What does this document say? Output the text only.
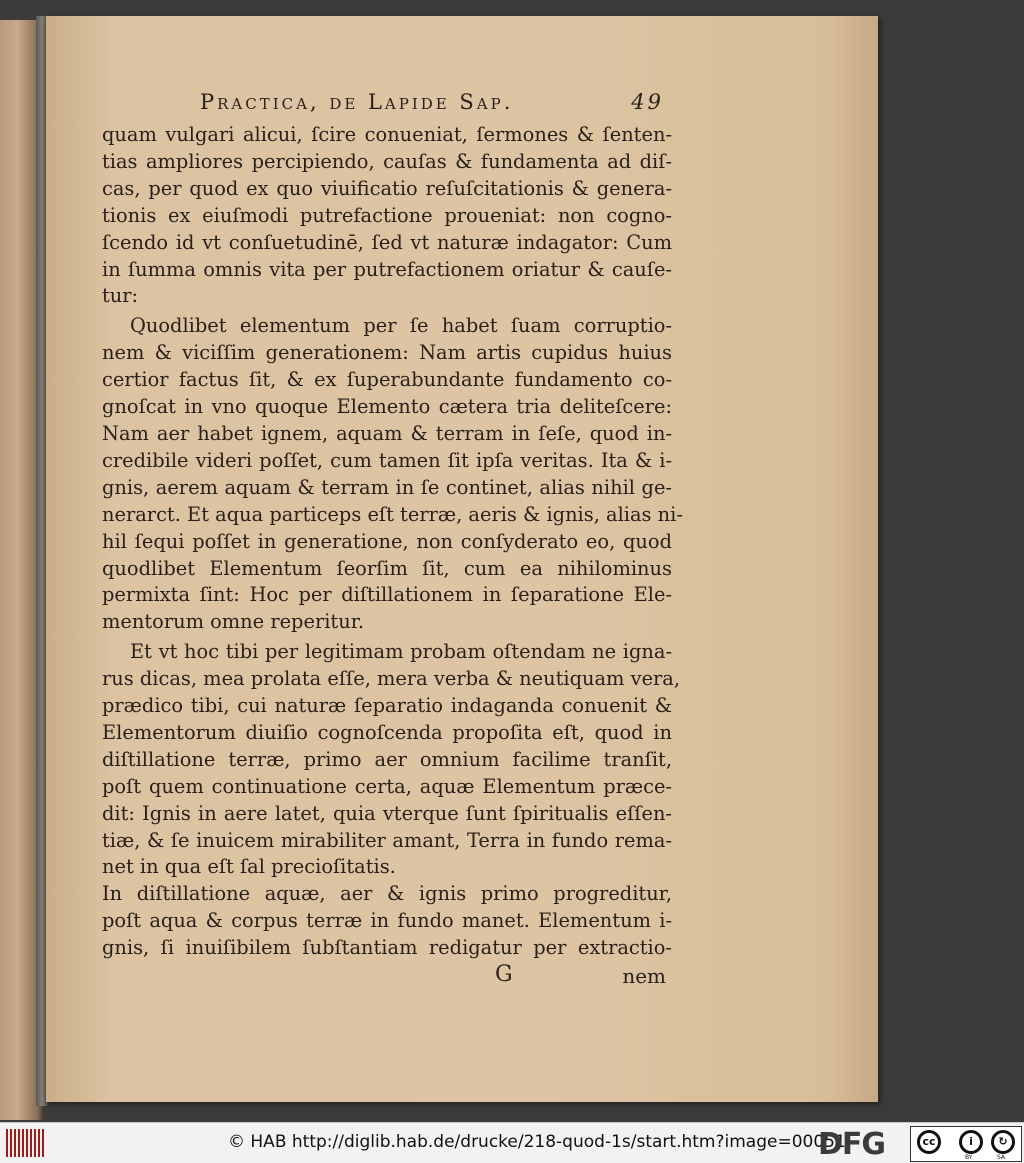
Practica, de Lapide Sap.	49
quam vulgari alicui, ſcire conueniat, ſermones & ſenten-
tias ampliores percipiendo, cauſas & fundamenta ad diſ-
cas, per quod ex quo viuificatio reſuſcitationis & genera-
tionis ex eiuſmodi putrefactione proueniat: non cogno-
ſcendo id vt conſuetudinē, ſed vt naturæ indagator: Cum
in ſumma omnis vita per putrefactionem oriatur & cauſe-
tur:
Quodlibet elementum per ſe habet ſuam corruptio-
nem & viciſſim generationem: Nam artis cupidus huius
certior factus ſit, & ex ſuperabundante fundamento co-
gnoſcat in vno quoque Elemento cætera tria deliteſcere:
Nam aer habet ignem, aquam & terram in ſeſe, quod in-
credibile videri poſſet, cum tamen ſit ipſa veritas. Ita & i-
gnis, aerem aquam & terram in ſe continet, alias nihil ge-
nerarct. Et aqua particeps eſt terræ, aeris & ignis, alias ni-
hil ſequi poſſet in generatione, non conſyderato eo, quod
quodlibet Elementum ſeorſim ſit, cum ea nihilominus
permixta ſint: Hoc per diſtillationem in ſeparatione Ele-
mentorum omne reperitur.
Et vt hoc tibi per legitimam probam oſtendam ne igna-
rus dicas, mea prolata eſſe, mera verba & neutiquam vera,
prædico tibi, cui naturæ ſeparatio indaganda conuenit &
Elementorum diuiſio cognoſcenda propoſita eſt, quod in
diſtillatione terræ, primo aer omnium facilime tranſit,
poſt quem continuatione certa, aquæ Elementum præce-
dit: Ignis in aere latet, quia vterque ſunt ſpiritualis eſſen-
tiæ, & ſe inuicem mirabiliter amant, Terra in fundo rema-
net in qua eſt ſal precioſitatis.
In diſtillatione aquæ, aer & ignis primo progreditur,
poſt aqua & corpus terræ in fundo manet. Elementum i-
gnis, ſi inuiſibilem ſubſtantiam redigatur per extractio-
G	nem
© HAB http://diglib.hab.de/drucke/218-quod-1s/start.htm?image=00051
DFG	cc	i	↻
BY	SA
